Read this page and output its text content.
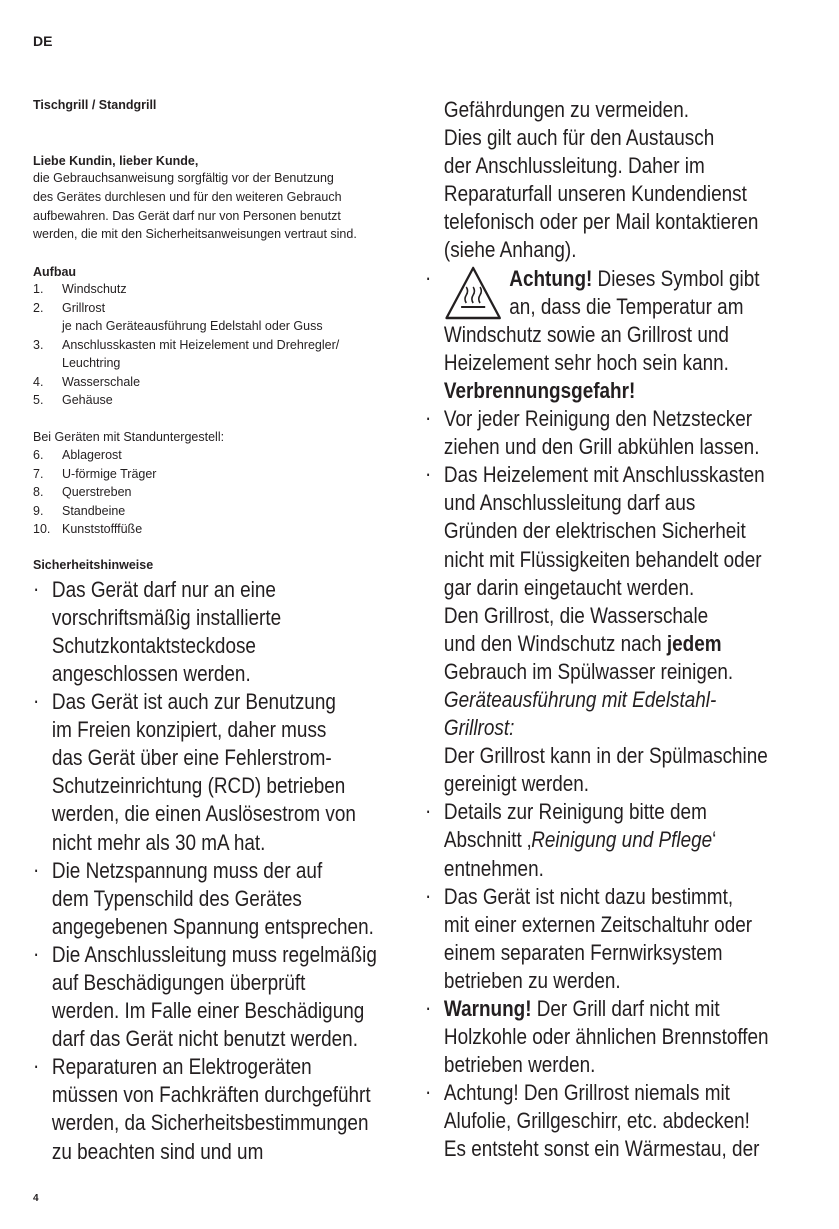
DE
Tischgrill / Standgrill
Liebe Kundin, lieber Kunde,
die Gebrauchsanweisung sorgfältig vor der Benutzung
des Gerätes durchlesen und für den weiteren Gebrauch
aufbewahren. Das Gerät darf nur von Personen benutzt
werden, die mit den Sicherheitsanweisungen vertraut sind.
Aufbau
1. Windschutz
2. Grillrost
je nach Geräteausführung Edelstahl oder Guss
3. Anschlusskasten mit Heizelement und Drehregler/
Leuchtring
4. Wasserschale
5. Gehäuse
Bei Geräten mit Standuntergestell:
6. Ablagerost
7. U-förmige Träger
8. Querstreben
9. Standbeine
10. Kunststofffüße
Sicherheitshinweise
· Das Gerät darf nur an eine
vorschriftsmäßig installierte
Schutzkontaktsteckdose
angeschlossen werden.
· Das Gerät ist auch zur Benutzung
im Freien konzipiert, daher muss
das Gerät über eine Fehlerstrom-
Schutzeinrichtung (RCD) betrieben
werden, die einen Auslösestrom von
nicht mehr als 30 mA hat.
· Die Netzspannung muss der auf
dem Typenschild des Gerätes
angegebenen Spannung entsprechen.
· Die Anschlussleitung muss regelmäßig
auf Beschädigungen überprüft
werden. Im Falle einer Beschädigung
darf das Gerät nicht benutzt werden.
· Reparaturen an Elektrogeräten
müssen von Fachkräften durchgeführt
werden, da Sicherheitsbestimmungen
zu beachten sind und um
Gefährdungen zu vermeiden.
Dies gilt auch für den Austausch
der Anschlussleitung. Daher im
Reparaturfall unseren Kundendienst
telefonisch oder per Mail kontaktieren
(siehe Anhang).
·	Achtung! Dieses Symbol gibt
an, dass die Temperatur am
Windschutz sowie an Grillrost und
Heizelement sehr hoch sein kann.
Verbrennungsgefahr!
· Vor jeder Reinigung den Netzstecker
ziehen und den Grill abkühlen lassen.
· Das Heizelement mit Anschlusskasten
und Anschlussleitung darf aus
Gründen der elektrischen Sicherheit
nicht mit Flüssigkeiten behandelt oder
gar darin eingetaucht werden.
Den Grillrost, die Wasserschale
und den Windschutz nach jedem
Gebrauch im Spülwasser reinigen.
Geräteausführung mit Edelstahl-
Grillrost:
Der Grillrost kann in der Spülmaschine
gereinigt werden.
· Details zur Reinigung bitte dem
Abschnitt ‚Reinigung und Pflege‘
entnehmen.
· Das Gerät ist nicht dazu bestimmt,
mit einer externen Zeitschaltuhr oder
einem separaten Fernwirksystem
betrieben zu werden.
· Warnung! Der Grill darf nicht mit
Holzkohle oder ähnlichen Brennstoffen
betrieben werden.
· Achtung! Den Grillrost niemals mit
Alufolie, Grillgeschirr, etc. abdecken!
Es entsteht sonst ein Wärmestau, der
4
